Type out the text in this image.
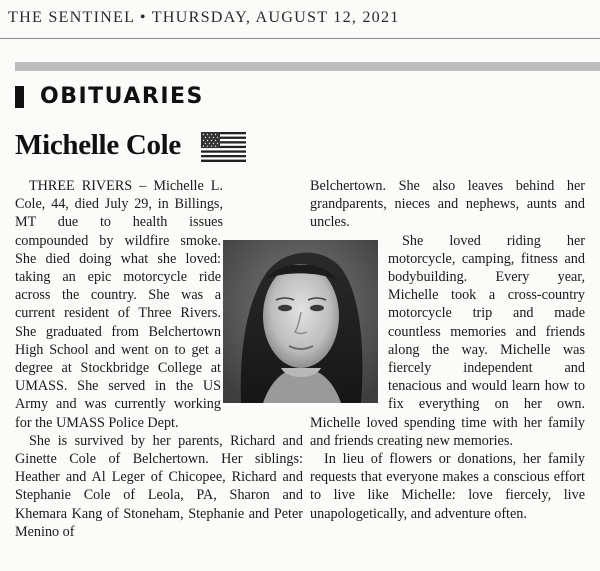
THE SENTINEL • THURSDAY, AUGUST 12, 2021
OBITUARIES
Michelle Cole

THREE RIVERS – Michelle L. Cole, 44, died July 29, in Billings, MT due to health issues compounded by wildfire smoke. She died doing what she loved: taking an epic motorcycle ride across the country. She was a current resident of Three Rivers. She graduated from Belchertown High School and went on to get a degree at Stockbridge College at UMASS. She served in the US Army and was currently working for the UMASS Police Dept.

She is survived by her parents, Richard and Ginette Cole of Belchertown. Her siblings: Heather and Al Leger of Chicopee, Richard and Stephanie Cole of Leola, PA, Sharon and Khemara Kang of Stoneham, Stephanie and Peter Menino of

Belchertown. She also leaves behind her grandparents, nieces and nephews, aunts and uncles.

She loved riding her motorcycle, camping, fitness and bodybuilding. Every year, Michelle took a cross-country motorcycle trip and made countless memories and friends along the way. Michelle was fiercely independent and tenacious and would learn how to fix everything on her own. Michelle loved spending time with her family and friends creating new memories.

In lieu of flowers or donations, her family requests that everyone makes a conscious effort to live like Michelle: love fiercely, live unapologetically, and adventure often.
